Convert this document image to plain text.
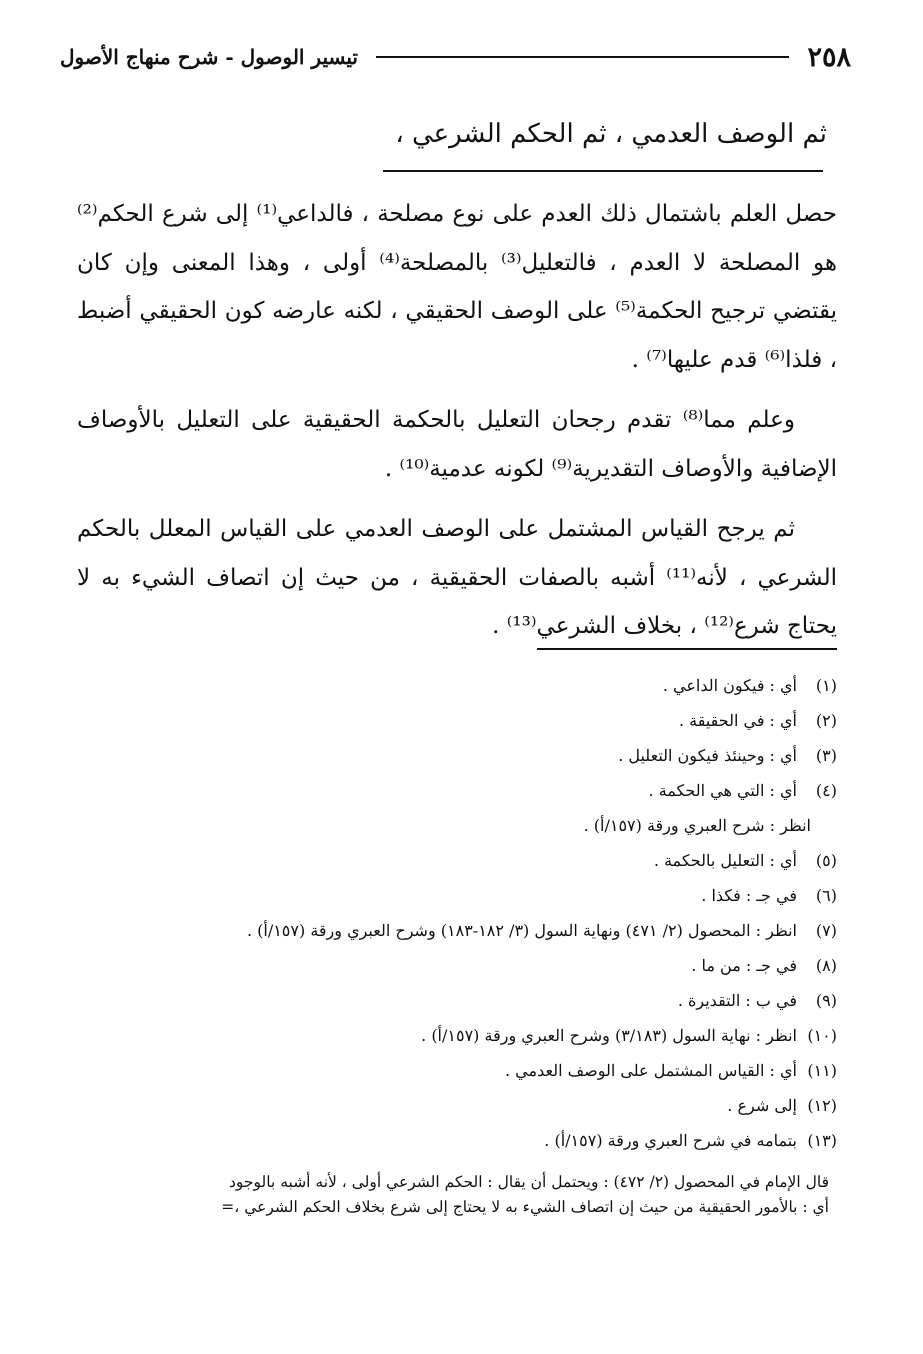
٢٥٨
تيسير الوصول - شرح منهاج الأصول
ثم الوصف العدمي ، ثم الحكم الشرعي ،

حصل العلم باشتمال ذلك العدم على نوع مصلحة ، فالداعي⁽¹⁾ إلى شرع الحكم⁽²⁾ هو المصلحة لا العدم ، فالتعليل⁽³⁾ بالمصلحة⁽⁴⁾ أولى ، وهذا المعنى وإن كان يقتضي ترجيح الحكمة⁽⁵⁾ على الوصف الحقيقي ، لكنه عارضه كون الحقيقي أضبط ، فلذا⁽⁶⁾ قدم عليها⁽⁷⁾ .

وعلم مما⁽⁸⁾ تقدم رجحان التعليل بالحكمة الحقيقية على التعليل بالأوصاف الإضافية والأوصاف التقديرية⁽⁹⁾ لكونه عدمية⁽¹⁰⁾ .

ثم يرجح القياس المشتمل على الوصف العدمي على القياس المعلل بالحكم الشرعي ، لأنه⁽¹¹⁾ أشبه بالصفات الحقيقية ، من حيث إن اتصاف الشيء به لا يحتاج شرع⁽¹²⁾ ، بخلاف الشرعي⁽¹³⁾ .

(١)أي : فيكون الداعي .
(٢)أي : في الحقيقة .
(٣)أي : وحينئذ فيكون التعليل .
(٤)أي : التي هي الحكمة .
انظر : شرح العبري ورقة (١٥٧/أ) .
(٥)أي : التعليل بالحكمة .
(٦)في جـ : فكذا .
(٧)انظر : المحصول (٢/ ٤٧١) ونهاية السول (٣/ ١٨٢-١٨٣) وشرح العبري ورقة (١٥٧/أ) .
(٨)في جـ : من ما .
(٩)في ب : التقديرة .
(١٠)انظر : نهاية السول (٣/١٨٣) وشرح العبري ورقة (١٥٧/أ) .
(١١)أي : القياس المشتمل على الوصف العدمي .
(١٢)إلى شرع .
(١٣)بتمامه في شرح العبري ورقة (١٥٧/أ) .
قال الإمام في المحصول (٢/ ٤٧٢) : ويحتمل أن يقال : الحكم الشرعي أولى ، لأنه أشبه بالوجود
أي : بالأمور الحقيقية من حيث إن اتصاف الشيء به لا يحتاج إلى شرع بخلاف الحكم الشرعي ،=
